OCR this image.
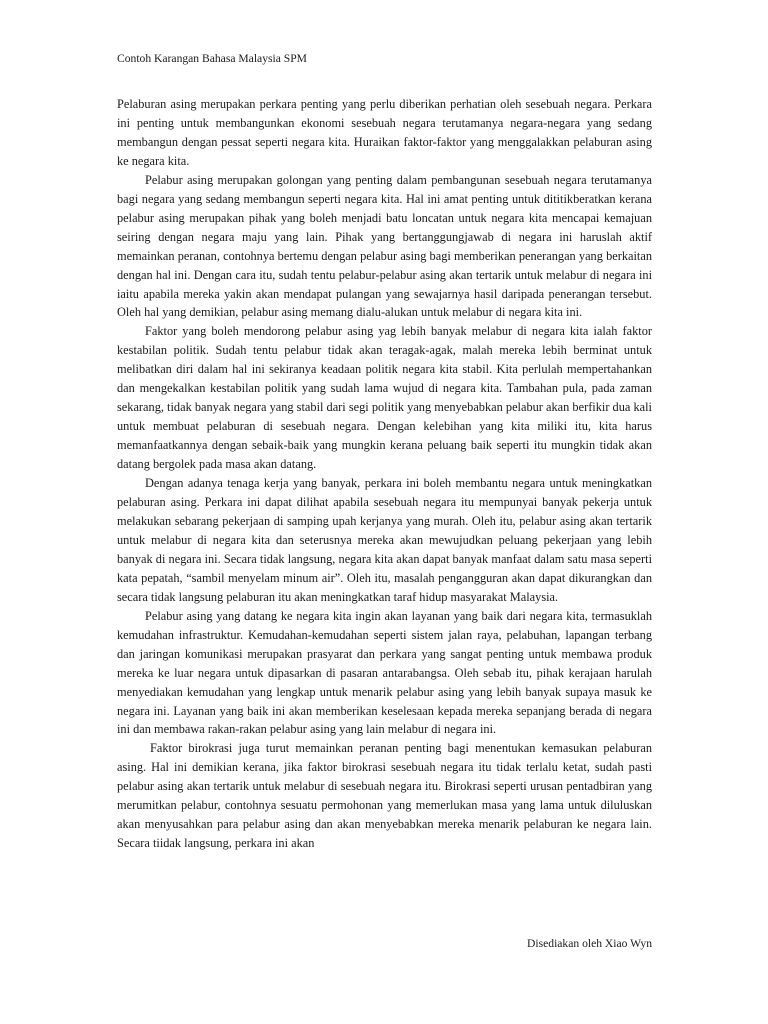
Contoh Karangan Bahasa Malaysia SPM

Pelaburan asing merupakan perkara penting yang perlu diberikan perhatian oleh sesebuah negara. Perkara ini penting untuk membangunkan ekonomi sesebuah negara terutamanya negara-negara yang sedang membangun dengan pessat seperti negara kita. Huraikan faktor-faktor yang menggalakkan pelaburan asing ke negara kita.

Pelabur asing merupakan golongan yang penting dalam pembangunan sesebuah negara terutamanya bagi negara yang sedang membangun seperti negara kita. Hal ini amat penting untuk dititikberatkan kerana pelabur asing merupakan pihak yang boleh menjadi batu loncatan untuk negara kita mencapai kemajuan seiring dengan negara maju yang lain. Pihak yang bertanggungjawab di negara ini haruslah aktif memainkan peranan, contohnya bertemu dengan pelabur asing bagi memberikan penerangan yang berkaitan dengan hal ini. Dengan cara itu, sudah tentu pelabur-pelabur asing akan tertarik untuk melabur di negara ini iaitu apabila mereka yakin akan mendapat pulangan yang sewajarnya hasil daripada penerangan tersebut. Oleh hal yang demikian, pelabur asing memang dialu-alukan untuk melabur di negara kita ini.

Faktor yang boleh mendorong pelabur asing yag lebih banyak melabur di negara kita ialah faktor kestabilan politik. Sudah tentu pelabur tidak akan teragak-agak, malah mereka lebih berminat untuk melibatkan diri dalam hal ini sekiranya keadaan politik negara kita stabil. Kita perlulah mempertahankan dan mengekalkan kestabilan politik yang sudah lama wujud di negara kita. Tambahan pula, pada zaman sekarang, tidak banyak negara yang stabil dari segi politik yang menyebabkan pelabur akan berfikir dua kali untuk membuat pelaburan di sesebuah negara. Dengan kelebihan yang kita miliki itu, kita harus memanfaatkannya dengan sebaik-baik yang mungkin kerana peluang baik seperti itu mungkin tidak akan datang bergolek pada masa akan datang.

Dengan adanya tenaga kerja yang banyak, perkara ini boleh membantu negara untuk meningkatkan pelaburan asing. Perkara ini dapat dilihat apabila sesebuah negara itu mempunyai banyak pekerja untuk melakukan sebarang pekerjaan di samping upah kerjanya yang murah. Oleh itu, pelabur asing akan tertarik untuk melabur di negara kita dan seterusnya mereka akan mewujudkan peluang pekerjaan yang lebih banyak di negara ini. Secara tidak langsung, negara kita akan dapat banyak manfaat dalam satu masa seperti kata pepatah, “sambil menyelam minum air”. Oleh itu, masalah pengangguran akan dapat dikurangkan dan secara tidak langsung pelaburan itu akan meningkatkan taraf hidup masyarakat Malaysia.

Pelabur asing yang datang ke negara kita ingin akan layanan yang baik dari negara kita, termasuklah kemudahan infrastruktur. Kemudahan-kemudahan seperti sistem jalan raya, pelabuhan, lapangan terbang dan jaringan komunikasi merupakan prasyarat dan perkara yang sangat penting untuk membawa produk mereka ke luar negara untuk dipasarkan di pasaran antarabangsa. Oleh sebab itu, pihak kerajaan harulah menyediakan kemudahan yang lengkap untuk menarik pelabur asing yang lebih banyak supaya masuk ke negara ini. Layanan yang baik ini akan memberikan keselesaan kepada mereka sepanjang berada di negara ini dan membawa rakan-rakan pelabur asing yang lain melabur di negara ini.

Faktor birokrasi juga turut memainkan peranan penting bagi menentukan kemasukan pelaburan asing. Hal ini demikian kerana, jika faktor birokrasi sesebuah negara itu tidak terlalu ketat, sudah pasti pelabur asing akan tertarik untuk melabur di sesebuah negara itu. Birokrasi seperti urusan pentadbiran yang merumitkan pelabur, contohnya sesuatu permohonan yang memerlukan masa yang lama untuk diluluskan akan menyusahkan para pelabur asing dan akan menyebabkan mereka menarik pelaburan ke negara lain. Secara tiidak langsung, perkara ini akan

Disediakan oleh Xiao Wyn
